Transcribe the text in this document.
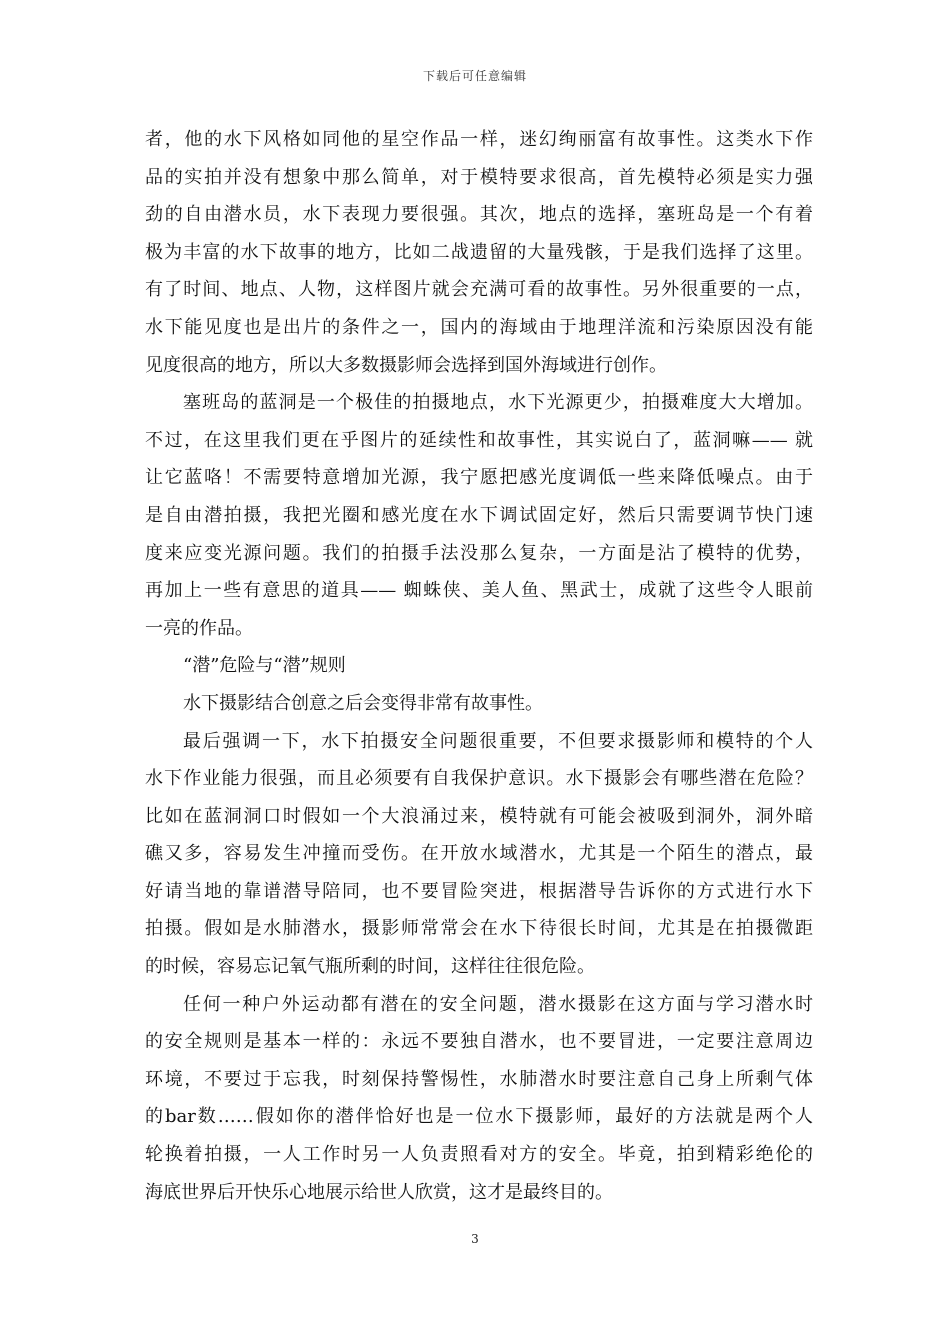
下载后可任意编辑
者，他的水下风格如同他的星空作品一样，迷幻绚丽富有故事性。这类水下作
品的实拍并没有想象中那么简单，对于模特要求很高，首先模特必须是实力强
劲的自由潜水员，水下表现力要很强。其次，地点的选择，塞班岛是一个有着
极为丰富的水下故事的地方，比如二战遗留的大量残骸，于是我们选择了这里。
有了时间、地点、人物，这样图片就会充满可看的故事性。另外很重要的一点，
水下能见度也是出片的条件之一，国内的海域由于地理洋流和污染原因没有能
见度很高的地方，所以大多数摄影师会选择到国外海域进行创作。
塞班岛的蓝洞是一个极佳的拍摄地点，水下光源更少，拍摄难度大大增加。
不过，在这里我们更在乎图片的延续性和故事性，其实说白了，蓝洞嘛—— 就
让它蓝咯！不需要特意增加光源，我宁愿把感光度调低一些来降低噪点。由于
是自由潜拍摄，我把光圈和感光度在水下调试固定好，然后只需要调节快门速
度来应变光源问题。我们的拍摄手法没那么复杂，一方面是沾了模特的优势，
再加上一些有意思的道具—— 蜘蛛侠、美人鱼、黑武士，成就了这些令人眼前
一亮的作品。
“潜”危险与“潜”规则
水下摄影结合创意之后会变得非常有故事性。
最后强调一下，水下拍摄安全问题很重要，不但要求摄影师和模特的个人
水下作业能力很强，而且必须要有自我保护意识。水下摄影会有哪些潜在危险？
比如在蓝洞洞口时假如一个大浪涌过来，模特就有可能会被吸到洞外，洞外暗
礁又多，容易发生冲撞而受伤。在开放水域潜水，尤其是一个陌生的潜点，最
好请当地的靠谱潜导陪同，也不要冒险突进，根据潜导告诉你的方式进行水下
拍摄。假如是水肺潜水，摄影师常常会在水下待很长时间，尤其是在拍摄微距
的时候，容易忘记氧气瓶所剩的时间，这样往往很危险。
任何一种户外运动都有潜在的安全问题，潜水摄影在这方面与学习潜水时
的安全规则是基本一样的：永远不要独自潜水，也不要冒进，一定要注意周边
环境，不要过于忘我，时刻保持警惕性，水肺潜水时要注意自己身上所剩气体
的bar数……假如你的潜伴恰好也是一位水下摄影师，最好的方法就是两个人
轮换着拍摄，一人工作时另一人负责照看对方的安全。毕竟，拍到精彩绝伦的
海底世界后开快乐心地展示给世人欣赏，这才是最终目的。
3
